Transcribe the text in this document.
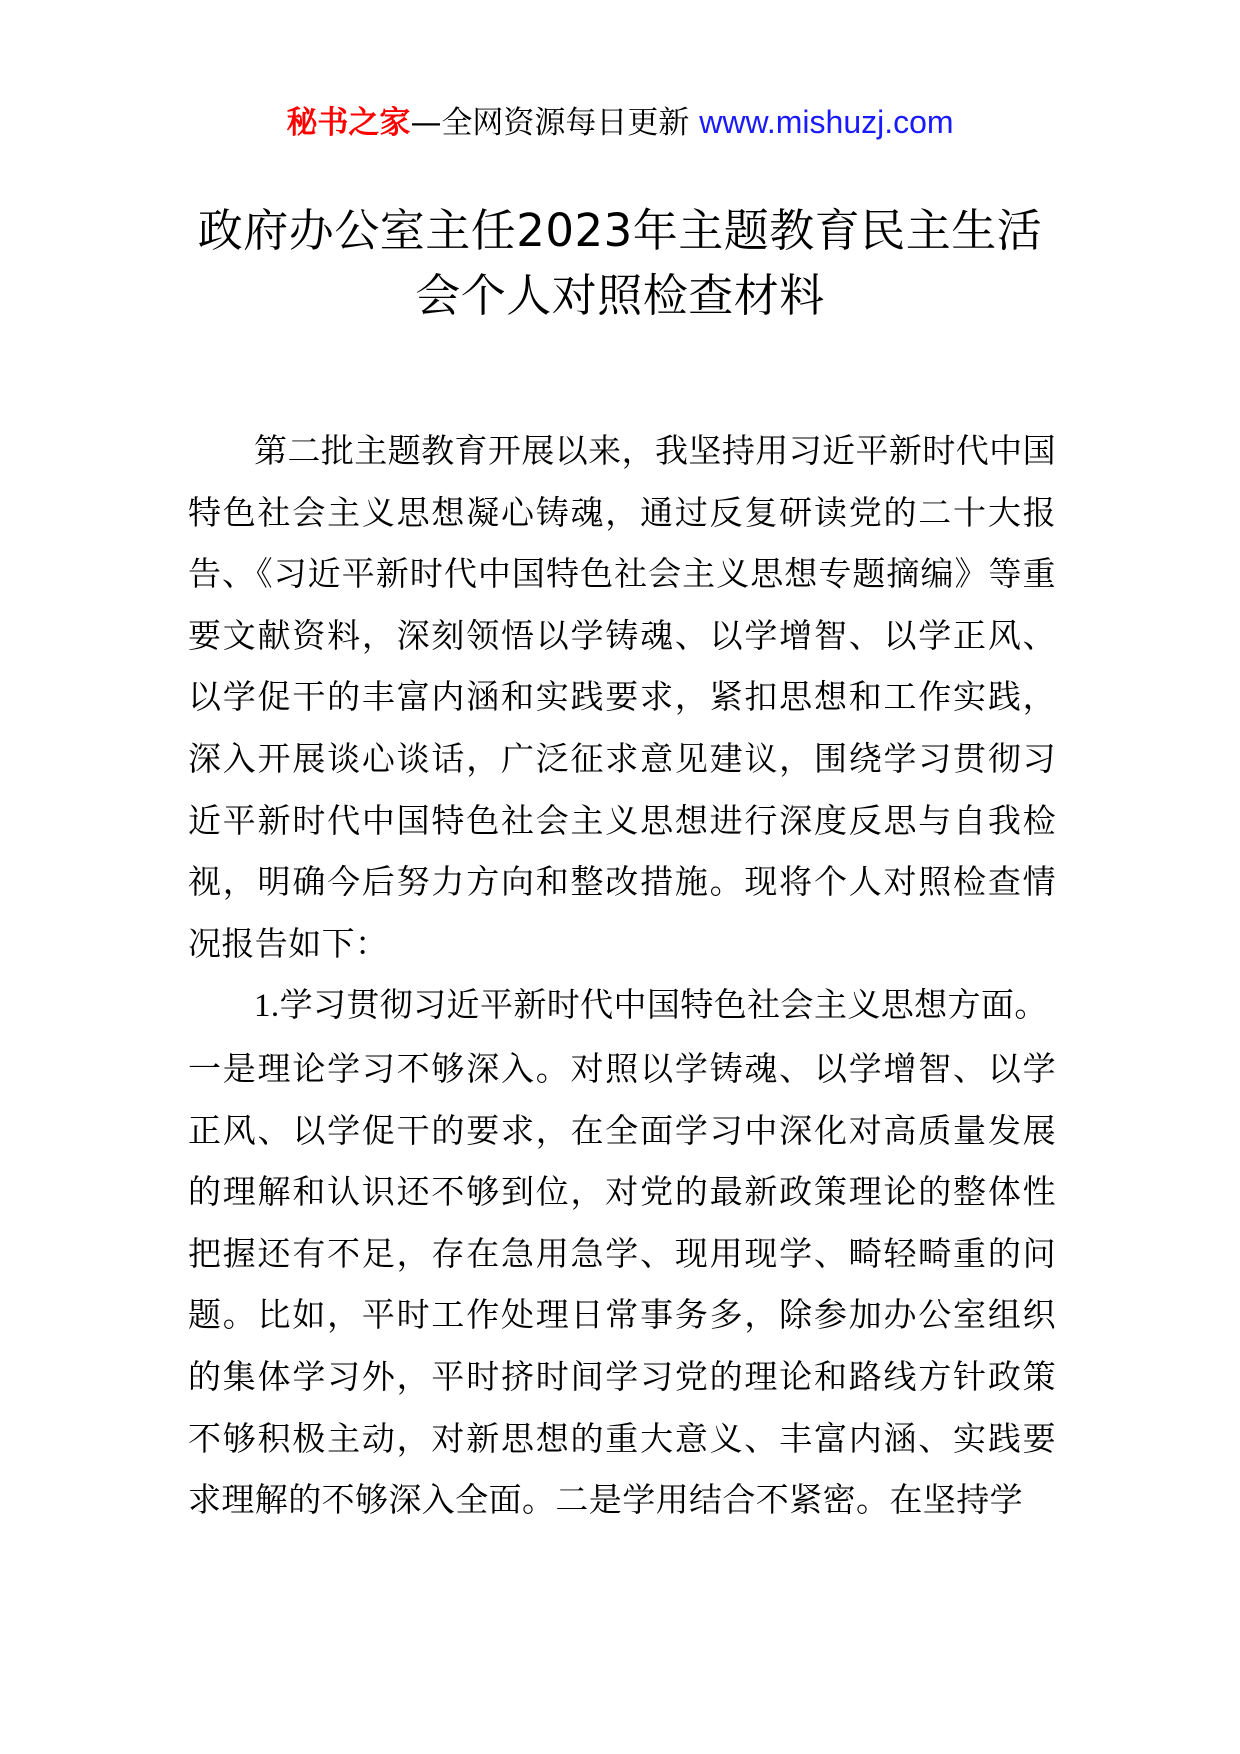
秘书之家—全网资源每日更新 www.mishuzj.com
政府办公室主任2023年主题教育民主生活
会个人对照检查材料

第二批主题教育开展以来，我坚持用习近平新时代中国特色社会主义思想凝心铸魂，通过反复研读党的二十大报告、《习近平新时代中国特色社会主义思想专题摘编》等重要文献资料，深刻领悟以学铸魂、以学增智、以学正风、以学促干的丰富内涵和实践要求，紧扣思想和工作实践，深入开展谈心谈话，广泛征求意见建议，围绕学习贯彻习近平新时代中国特色社会主义思想进行深度反思与自我检视，明确今后努力方向和整改措施。现将个人对照检查情况报告如下：

1.学习贯彻习近平新时代中国特色社会主义思想方面。

一是理论学习不够深入。对照以学铸魂、以学增智、以学正风、以学促干的要求，在全面学习中深化对高质量发展的理解和认识还不够到位，对党的最新政策理论的整体性把握还有不足，存在急用急学、现用现学、畸轻畸重的问题。比如，平时工作处理日常事务多，除参加办公室组织的集体学习外，平时挤时间学习党的理论和路线方针政策不够积极主动，对新思想的重大意义、丰富内涵、实践要求理解的不够深入全面。二是学用结合不紧密。在坚持学
